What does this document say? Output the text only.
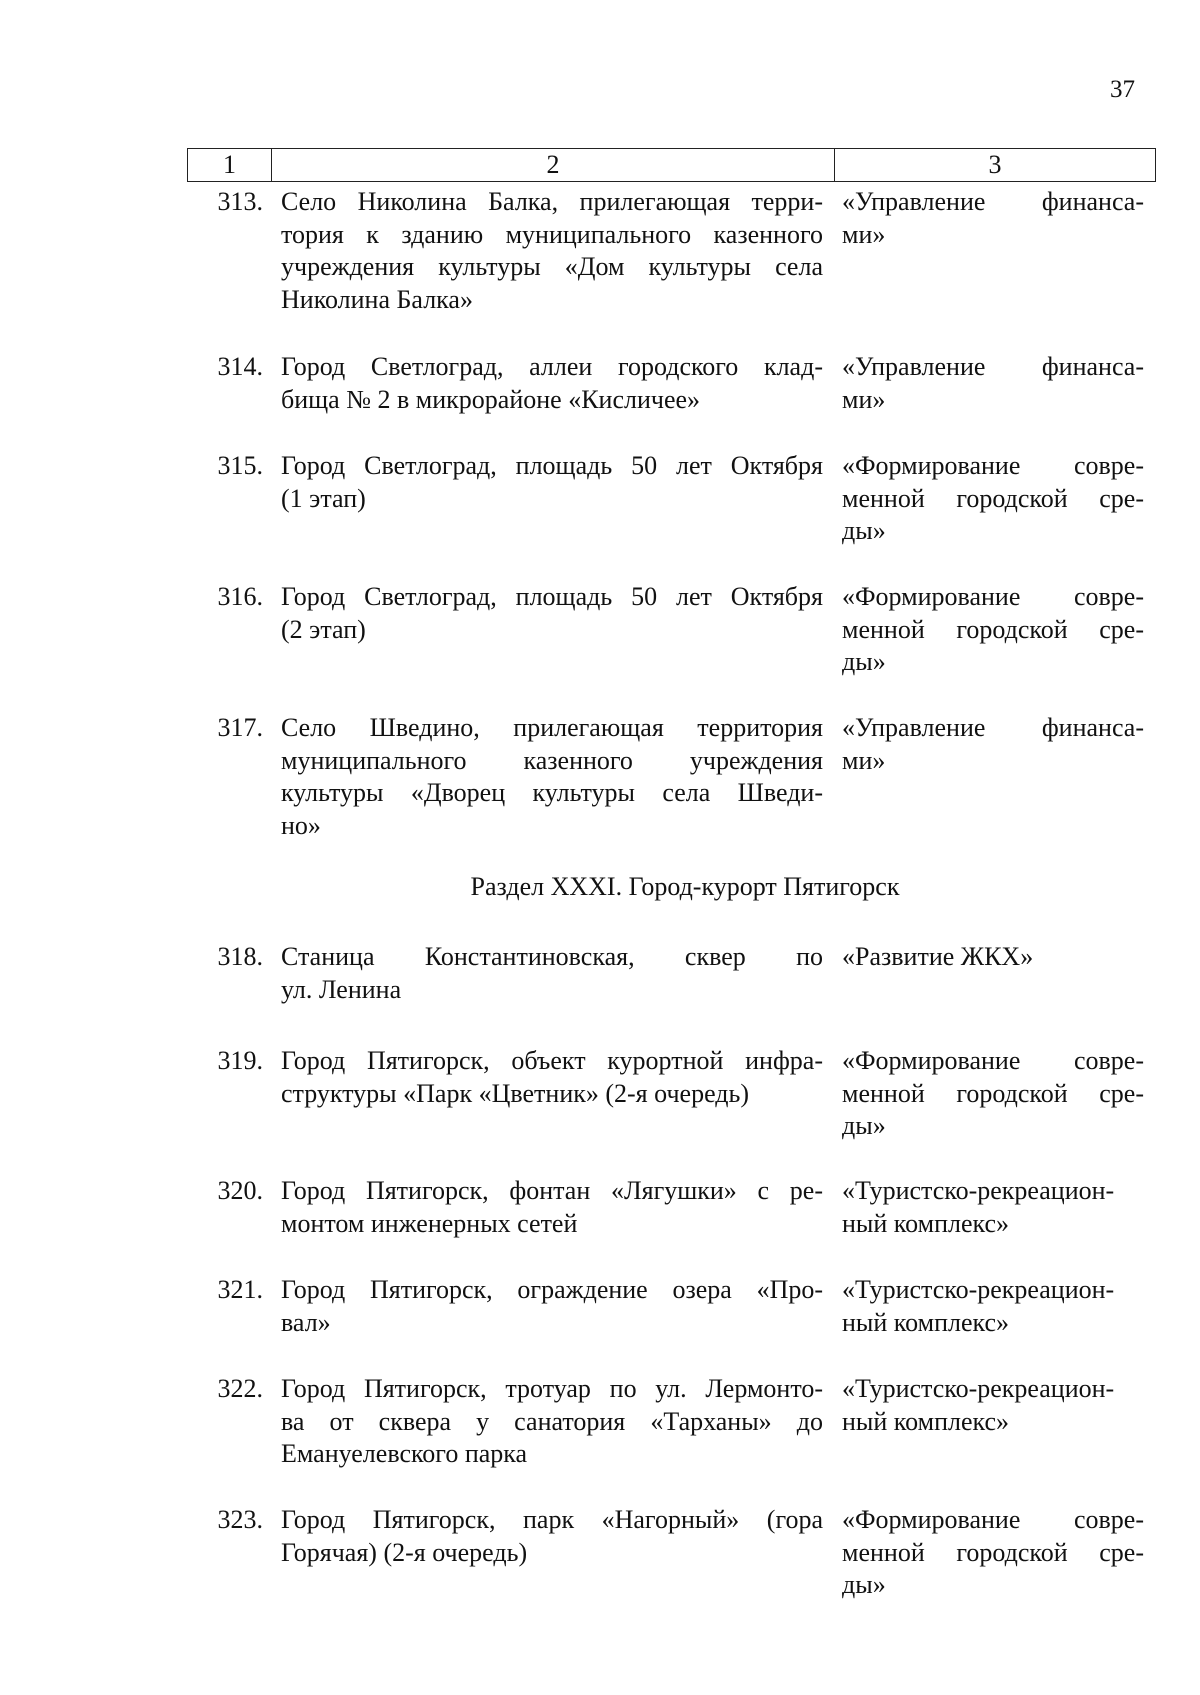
37
1	2	3
313. Село Николина Балка, прилегающая терри-
тория к зданию муниципального казенного
учреждения культуры «Дом культуры села
Николина Балка»
«Управление финанса-
ми»
314. Город Светлоград, аллеи городского клад-
бища № 2 в микрорайоне «Кисличее»
«Управление финанса-
ми»
315. Город Светлоград, площадь 50 лет Октября
(1 этап)
«Формирование совре-
менной городской сре-
ды»
316. Город Светлоград, площадь 50 лет Октября
(2 этап)
«Формирование совре-
менной городской сре-
ды»
317. Село Шведино, прилегающая территория
муниципального казенного учреждения
культуры «Дворец культуры села Шведи-
но»
«Управление финанса-
ми»
318. Станица Константиновская, сквер по
ул. Ленина
«Развитие ЖКХ»
319. Город Пятигорск, объект курортной инфра-
структуры «Парк «Цветник» (2-я очередь)
«Формирование совре-
менной городской сре-
ды»
320. Город Пятигорск, фонтан «Лягушки» с ре-
монтом инженерных сетей
«Туристско-рекреацион-
ный комплекс»
321. Город Пятигорск, ограждение озера «Про-
вал»
«Туристско-рекреацион-
ный комплекс»
322. Город Пятигорск, тротуар по ул. Лермонто-
ва от сквера у санатория «Тарханы» до
Емануелевского парка
«Туристско-рекреацион-
ный комплекс»
323. Город Пятигорск, парк «Нагорный» (гора
Горячая) (2-я очередь)
«Формирование совре-
менной городской сре-
ды»
Раздел XXXI. Город-курорт Пятигорск
